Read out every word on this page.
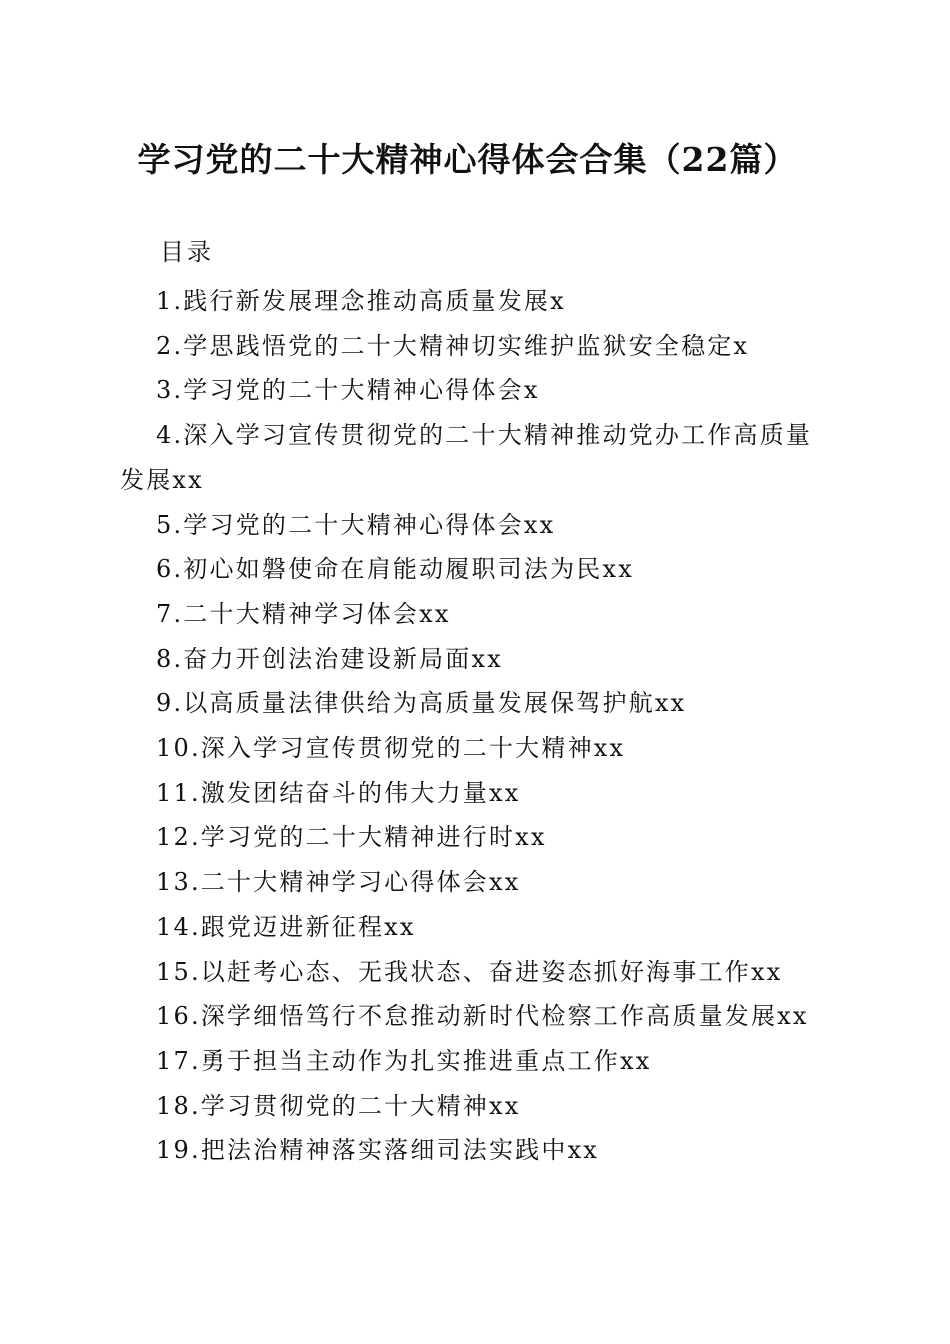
学习党的二十大精神心得体会合集（22篇）
目录
1.践行新发展理念推动高质量发展x
2.学思践悟党的二十大精神切实维护监狱安全稳定x
3.学习党的二十大精神心得体会x
4.深入学习宣传贯彻党的二十大精神推动党办工作高质量发展xx
5.学习党的二十大精神心得体会xx
6.初心如磐使命在肩能动履职司法为民xx
7.二十大精神学习体会xx
8.奋力开创法治建设新局面xx
9.以高质量法律供给为高质量发展保驾护航xx
10.深入学习宣传贯彻党的二十大精神xx
11.激发团结奋斗的伟大力量xx
12.学习党的二十大精神进行时xx
13.二十大精神学习心得体会xx
14.跟党迈进新征程xx
15.以赶考心态、无我状态、奋进姿态抓好海事工作xx
16.深学细悟笃行不怠推动新时代检察工作高质量发展xx
17.勇于担当主动作为扎实推进重点工作xx
18.学习贯彻党的二十大精神xx
19.把法治精神落实落细司法实践中xx
